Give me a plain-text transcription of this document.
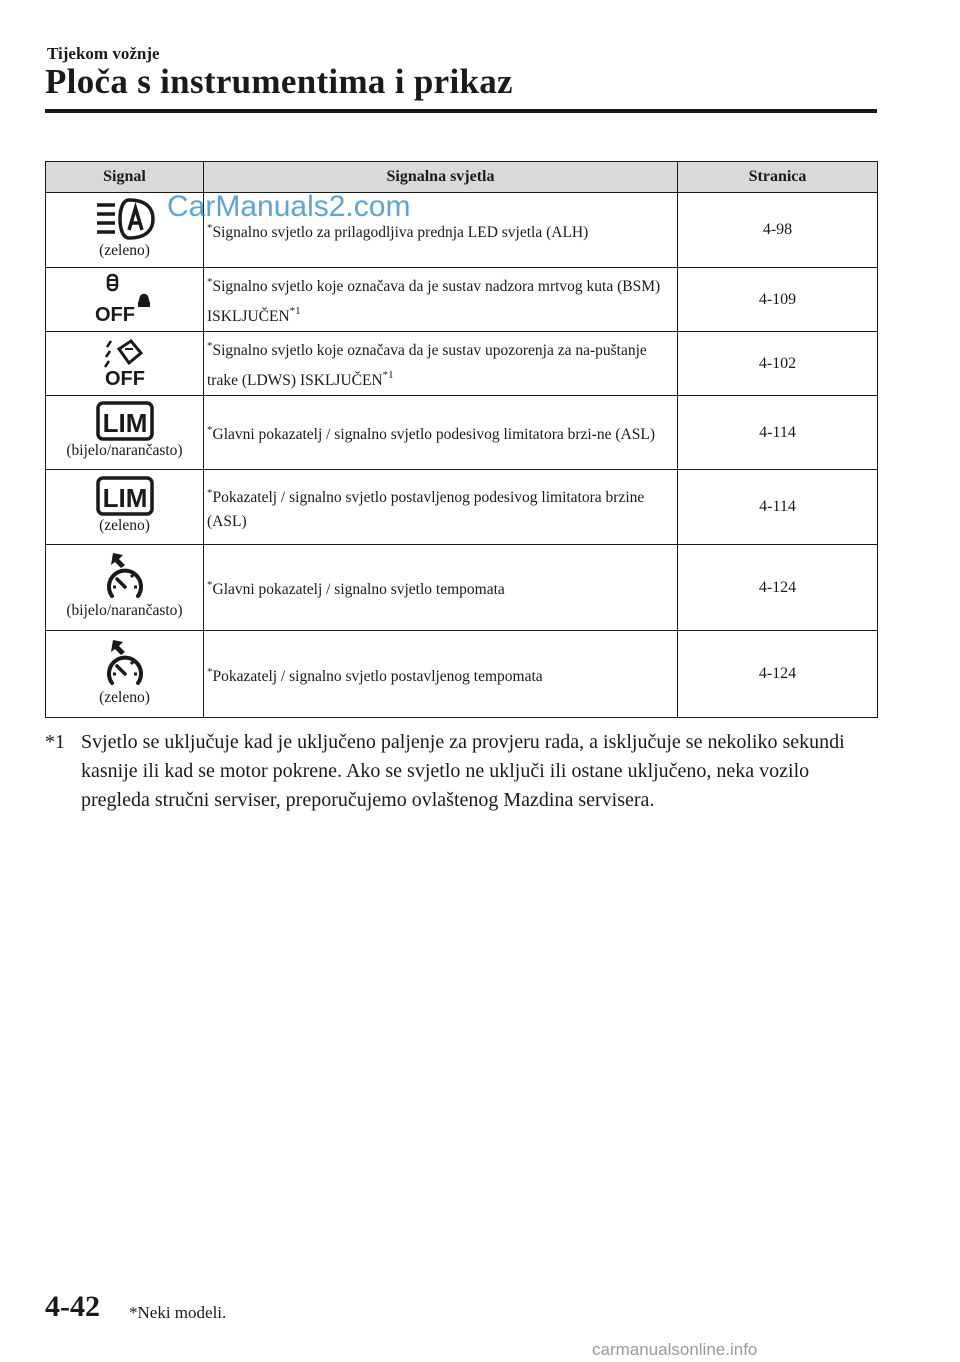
Tijekom vožnje
Ploča s instrumentima i prikaz
Signal	Signalna svjetla	Stranica

(zeleno)	*Signalno svjetlo za prilagodljiva prednja LED svjetla (ALH)	4-98

OFF	*Signalno svjetlo koje označava da je sustav nadzora mrtvog kuta (BSM) ISKLJUČEN$^{*1}$	4-109

OFF	*Signalno svjetlo koje označava da je sustav upozorenja za na-puštanje trake (LDWS) ISKLJUČEN$^{*1}$	4-102

LIM
(bijelo/narančasto)	*Glavni pokazatelj / signalno svjetlo podesivog limitatora brzi-ne (ASL)	4-114

LIM
(zeleno)	*Pokazatelj / signalno svjetlo postavljenog podesivog limitatora brzine (ASL)	4-114

(bijelo/narančasto)	*Glavni pokazatelj / signalno svjetlo tempomata	4-124

(zeleno)	*Pokazatelj / signalno svjetlo postavljenog tempomata	4-124
CarManuals2.com
*1 Svjetlo se uključuje kad je uključeno paljenje za provjeru rada, a isključuje se nekoliko sekundi kasnije ili kad se motor pokrene. Ako se svjetlo ne uključi ili ostane uključeno, neka vozilo pregleda stručni serviser, preporučujemo ovlaštenog Mazdina servisera.
4-42 *Neki modeli.
carmanualsonline.info
